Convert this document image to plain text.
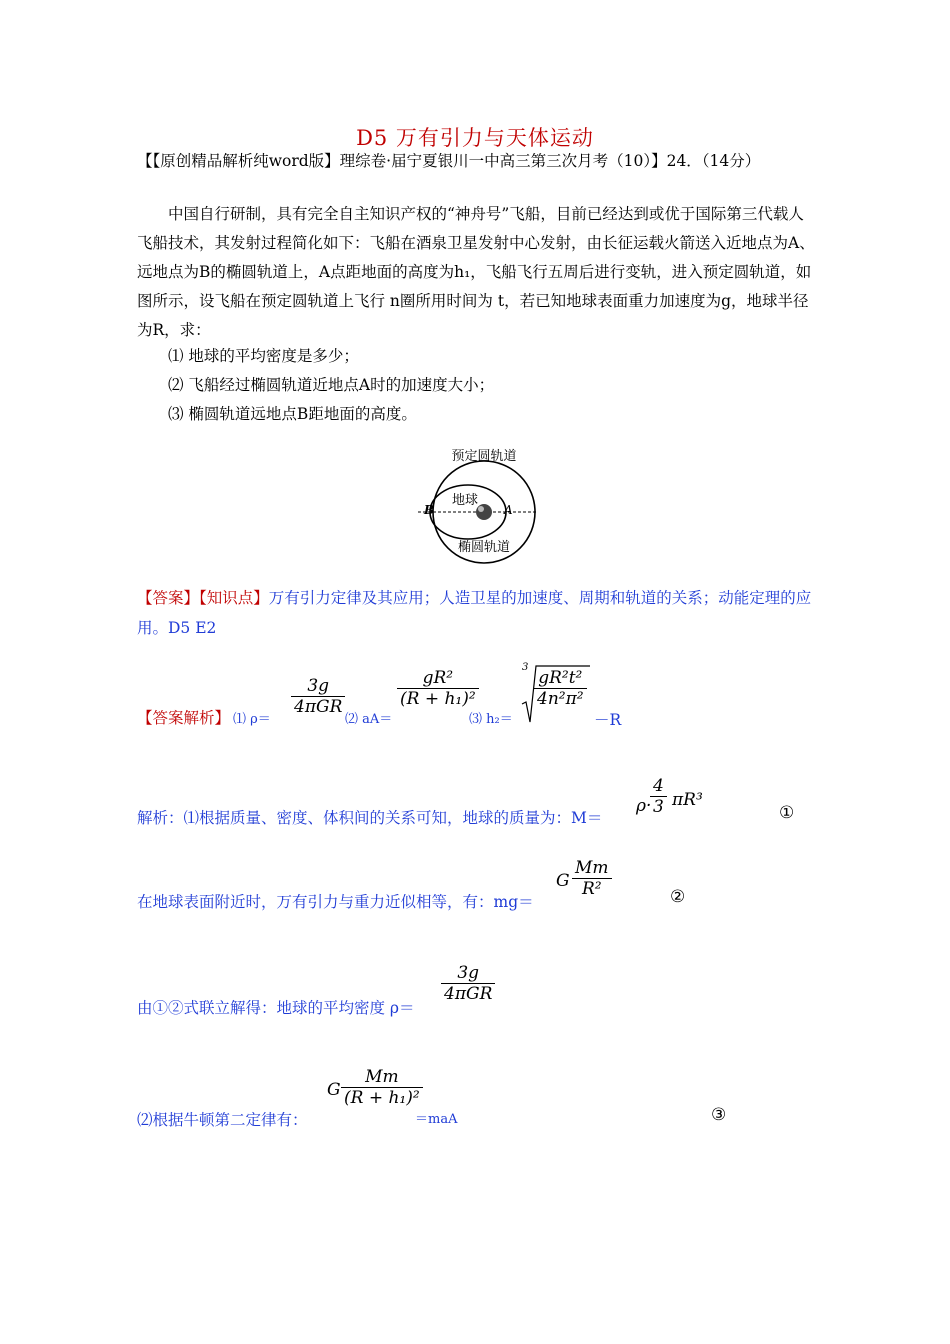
D5 万有引力与天体运动
【【原创精品解析纯word版】理综卷·届宁夏银川一中高三第三次月考（10）】24．（14分）
中国自行研制，具有完全自主知识产权的“神舟号”飞船，目前已经达到或优于国际第三代载人飞船技术，其发射过程简化如下：飞船在酒泉卫星发射中心发射，由长征运载火箭送入近地点为A、远地点为B的椭圆轨道上，A点距地面的高度为h₁，飞船飞行五周后进行变轨，进入预定圆轨道，如图所示，设飞船在预定圆轨道上飞行 n圈所用时间为 t，若已知地球表面重力加速度为g，地球半径为R，求：
⑴ 地球的平均密度是多少；
⑵ 飞船经过椭圆轨道近地点A时的加速度大小；
⑶ 椭圆轨道远地点B距地面的高度。
预定圆轨道
地球
椭圆轨道
A
B
【答案】【知识点】万有引力定律及其应用；人造卫星的加速度、周期和轨道的关系；动能定理的应用。D5 E2
【答案解析】 ⑴ ρ＝
3g
4πGR
⑵ aA＝
gR²
(R + h₁)²
⑶ h₂＝
3
gR²t²
4n²π²
－R
解析：⑴根据质量、密度、体积间的关系可知，地球的质量为：M＝
ρ·
4
3 πR³
①
在地球表面附近时，万有引力与重力近似相等，有：mg＝
G
Mm
R²	②
由①②式联立解得：地球的平均密度 ρ＝
3g
4πGR
⑵根据牛顿第二定律有：
G
Mm
(R + h₁)²
＝maA	③
